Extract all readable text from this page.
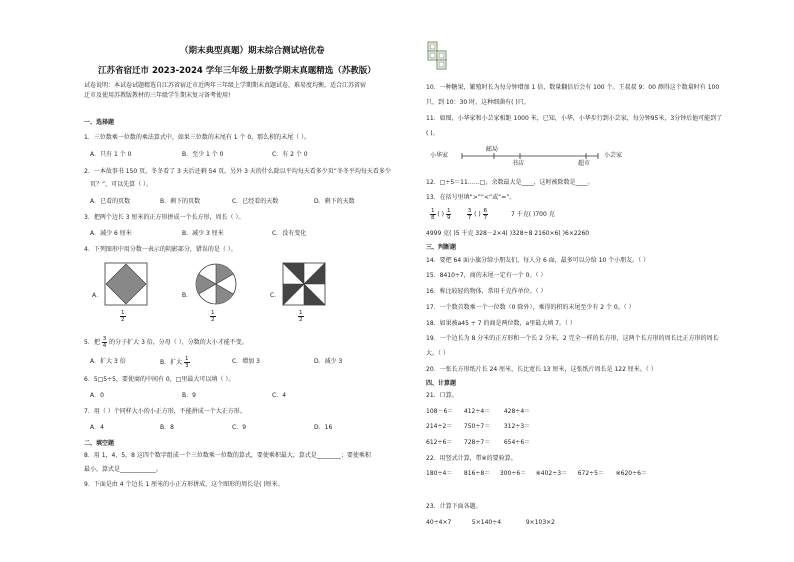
（期末典型真题）期末综合测试培优卷
江苏省宿迁市 2023-2024 学年三年级上册数学期末真题精选（苏教版）
试卷说明：本试卷试题精选自江苏省宿迁市近两年三年级上学期期末真题试卷，难易度均衡，适合江苏省宿
迁市及使用苏教版教材的三年级学生期末复习备考使用!
一、选择题
1．三位数乘一位数的乘法算式中，如果三位数的末尾有 1 个 0，那么积的末尾（ ）。
A．只有 1 个 0	B．至少 1 个 0	C．有 2 个 0
2．一本故事书 150 页，冬冬看了 3 天后还剩 54 页。另外 3 天的什么除以平均每天看多少页”冬冬平均每天看多少
页？”，可以先算（ ）。
A．已看的页数	B．剩下的页数	C．已经看的天数	D．剩下的天数
3．把两个边长 3 厘米的正方形拼成一个长方形，周长（ ）。
A．减少 6 厘米	B．减少 3 厘米	C．没有变化
4．下列图形中用分数一表示的阴影部分，错误的是（ ）。
A．
$\frac{1}{2}$
B．
$\frac{1}{2}$
C．
$\frac{1}{2}$
5．把 $\frac{3}{4}$ 的分子扩大 3 倍，分母（ ），分数的大小才能不变。
A．扩大 3 倍	B．扩大 $\frac{1}{3}$	C．增加 3	D．减少 3
6．5□5÷5，要使商的中间有 0，□里最大可以填（ ）。
A．0	B．9	C．4
7．用（ ）个同样大小的小正方形，不能拼成一个大正方形。
A．4	B．8	C．9	D．16
二、填空题
8．用 1，4，5，8 这四个数字组成一个三位数乘一位数的算式，要使乘积最大，算式是________；要使乘积
最小，算式是____________。
9．下面是由 4 个边长 1 厘米的小正方形拼成，这个图形的周长是( )厘米。
10．一种糖果，繁殖时长为每分钟增加 1 倍，数量翻倍后会有 100 个。王叔叔 9：00 测得这个数量时有 100
只，到 10：30 时，这种细菌有( )只。
11．如图，小华家和小芸家相距 1000 米，已知，小华，小华步行到小芸家，每分钟95米，3分钟后他可能到了
( )。
小华家
邮局
书店	超市
小芸家
12．□÷5＝11……□，余数最大是____，这时被除数是____。
13．在括号里填“>”“<”或“=”。
$\frac{1}{8}$ ( ) $\frac{1}{9}$
	$\frac{3}{7}$ ( ) $\frac{6}{7}$	7 千克( )700 克
4999 克( )5 千克 328－2×4( )328÷8 2160×6( )6×2260
三、判断题
14．要把 64 面小旗分给小朋友们，每人分 6 面，最多可以分给 10 个小朋友。（ ）
15．8410÷7，商的末尾一定有一个 0。（ ）
16．称比较轻的物体，常用千克作单位。（ ）
17．一个数首数乘一个一位数（0 除外），乘得的积的末尾至少有 2 个 0。（ ）
18．如果被a45 ÷ 7 的商是两位数，a里最大填 7。（ ）
19．一个边长为 8 分米的正方形和一个长 2 分米，2 完全一样的长方形，这两个长方形的周长比正方形的周长
大。（ ）
20．一张长方形纸片长 24 厘米，长比宽长 13 厘米，这张纸片周长是 122 厘米。（ ）
四、计算题
21．口算。
108－6＝ 412÷4＝ 428÷4＝
214÷2＝ 750÷7＝ 312÷3＝
612÷6＝ 728÷7＝ 654÷6＝
22．用竖式计算，带※的要验算。
180÷4＝ 816÷8＝ 300÷6＝ ※402÷3＝ 672÷5＝ ※620÷6＝
23．计算下面各题。
40÷4×7	5×140÷4	9×103×2
